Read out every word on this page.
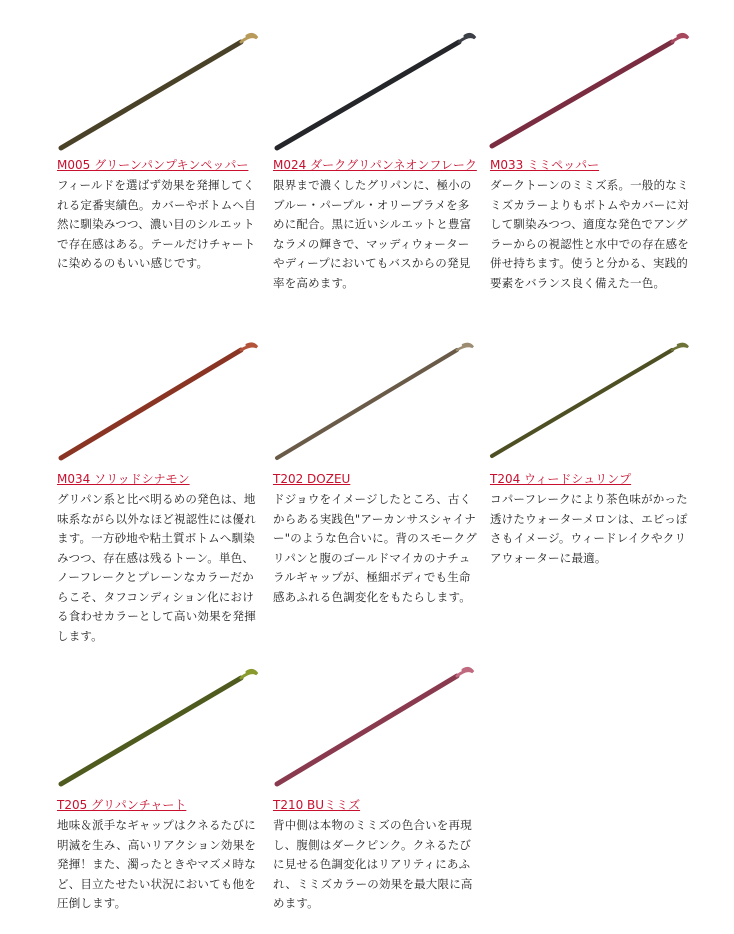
M005 グリーンパンプキンペッパー
フィールドを選ばず効果を発揮してくれる定番実績色。カバーやボトムへ自然に馴染みつつ、濃い目のシルエットで存在感はある。テールだけチャートに染めるのもいい感じです。
M024 ダークグリパンネオンフレーク
限界まで濃くしたグリパンに、極小のブルー・パープル・オリーブラメを多めに配合。黒に近いシルエットと豊富なラメの輝きで、マッディウォーターやディープにおいてもバスからの発見率を高めます。
M033 ミミペッパー
ダークトーンのミミズ系。一般的なミミズカラーよりもボトムやカバーに対して馴染みつつ、適度な発色でアングラーからの視認性と水中での存在感を併せ持ちます。使うと分かる、実践的要素をバランス良く備えた一色。
M034 ソリッドシナモン
グリパン系と比べ明るめの発色は、地味系ながら以外なほど視認性には優れます。一方砂地や粘土質ボトムへ馴染みつつ、存在感は残るトーン。単色、ノーフレークとプレーンなカラーだからこそ、タフコンディション化における食わせカラーとして高い効果を発揮します。
T202 DOZEU
ドジョウをイメージしたところ、古くからある実践色"アーカンサスシャイナー"のような色合いに。背のスモークグリパンと腹のゴールドマイカのナチュラルギャップが、極細ボディでも生命感あふれる色調変化をもたらします。
T204 ウィードシュリンプ
コパーフレークにより茶色味がかった透けたウォーターメロンは、エビっぽさもイメージ。ウィードレイクやクリアウォーターに最適。
T205 グリパンチャート
地味＆派手なギャップはクネるたびに明滅を生み、高いリアクション効果を発揮！また、濁ったときやマズメ時など、目立たせたい状況においても他を圧倒します。
T210 BUミミズ
背中側は本物のミミズの色合いを再現し、腹側はダークピンク。クネるたびに見せる色調変化はリアリティにあふれ、ミミズカラーの効果を最大限に高めます。
